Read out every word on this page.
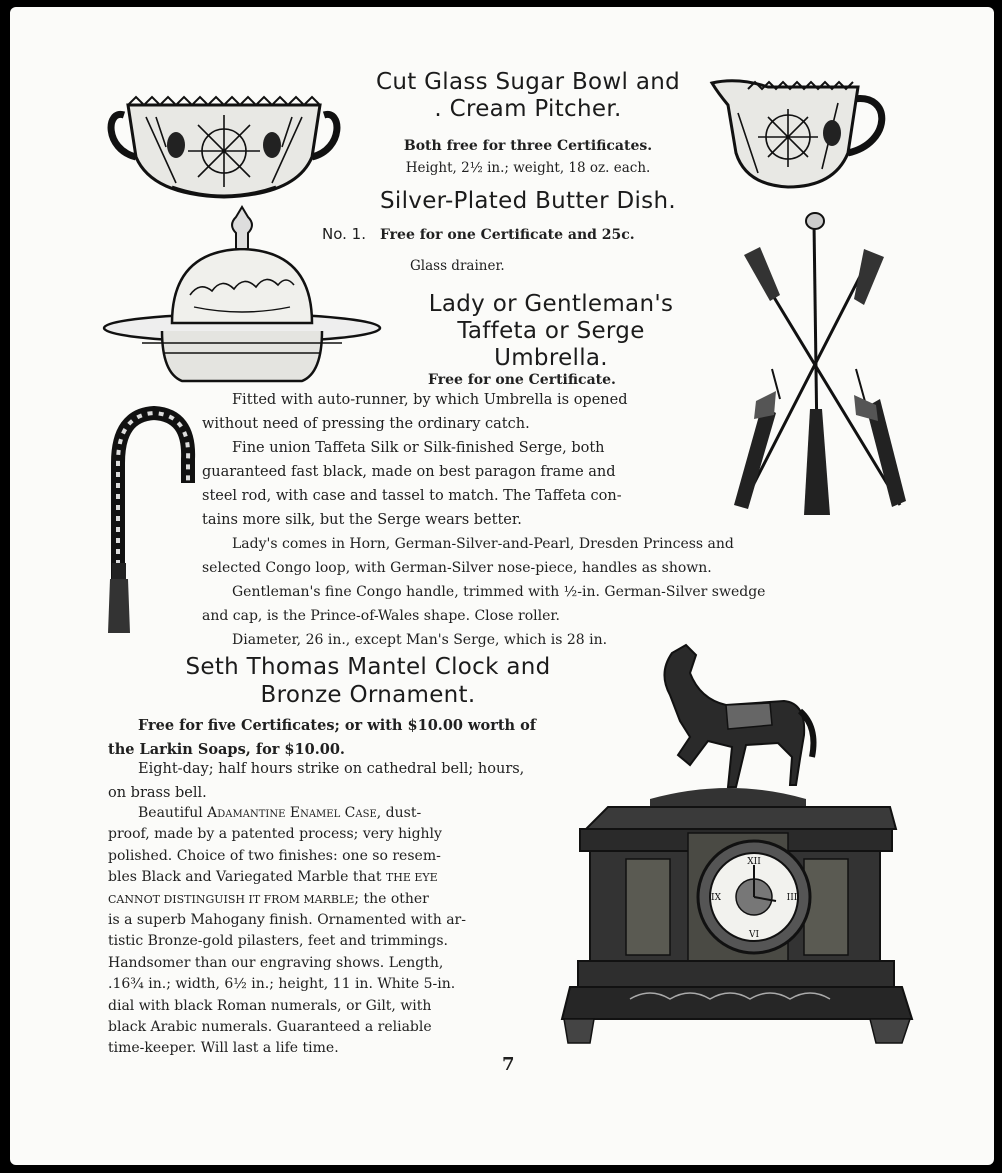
XII
VI
III
IX
Cut Glass Sugar Bowl and
. Cream Pitcher.
Both free for three Certificates.
Height, 2½ in.; weight, 18 oz. each.
Silver-Plated Butter Dish.
No. 1. Free for one Certificate and 25c.
Glass drainer.
Lady or Gentleman's
Taffeta or Serge
Umbrella.
Free for one Certificate.
Fitted with auto-runner, by which Umbrella is opened
without need of pressing the ordinary catch.
Fine union Taffeta Silk or Silk-finished Serge, both
guaranteed fast black, made on best paragon frame and
steel rod, with case and tassel to match. The Taffeta con-
tains more silk, but the Serge wears better.
Lady's comes in Horn, German-Silver-and-Pearl, Dresden Princess and
selected Congo loop, with German-Silver nose-piece, handles as shown.
Gentleman's fine Congo handle, trimmed with ½-in. German-Silver swedge
and cap, is the Prince-of-Wales shape. Close roller.
Diameter, 26 in., except Man's Serge, which is 28 in.
Seth Thomas Mantel Clock and
Bronze Ornament.
Free for five Certificates; or with $10.00 worth of
the Larkin Soaps, for $10.00.
Eight-day; half hours strike on cathedral bell; hours,
on brass bell.
Beautiful Adamantine Enamel Case, dust-
proof, made by a patented process; very highly
polished. Choice of two finishes: one so resem-
bles Black and Variegated Marble that THE EYE
CANNOT DISTINGUISH IT FROM MARBLE; the other
is a superb Mahogany finish. Ornamented with ar-
tistic Bronze-gold pilasters, feet and trimmings.
Handsomer than our engraving shows. Length,
.16¾ in.; width, 6½ in.; height, 11 in. White 5-in.
dial with black Roman numerals, or Gilt, with
black Arabic numerals. Guaranteed a reliable
time-keeper. Will last a life time.
7
